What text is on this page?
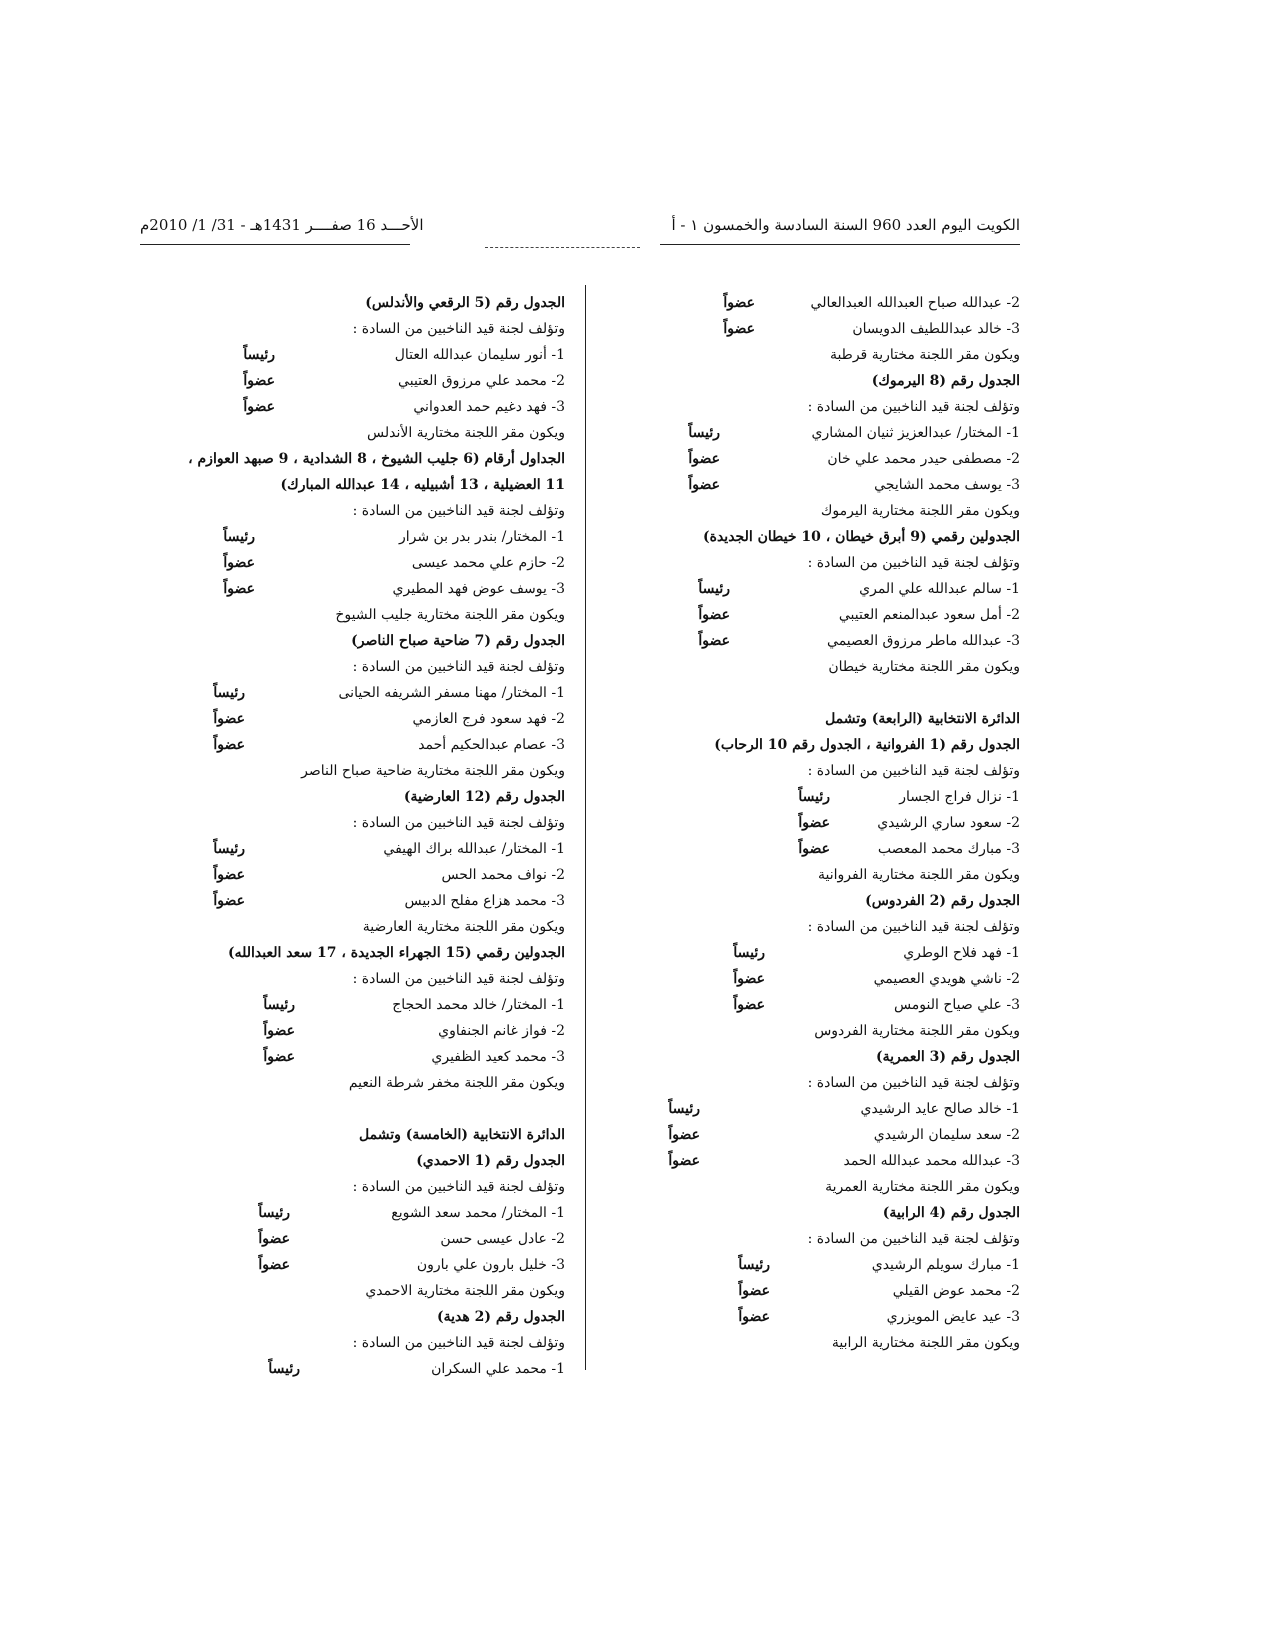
الكويت اليوم العدد 960 السنة السادسة والخمسون ١ - أ
الأحـــد 16 صفــــر 1431هـ - 31/ 1/ 2010م
2- عبدالله صباح العبدالله العبدالعالي
عضواً
3- خالد عبداللطيف الدويسان
عضواً
ويكون مقر اللجنة مختارية قرطبة
الجدول رقم (8 اليرموك)
وتؤلف لجنة قيد الناخبين من السادة :
1- المختار/ عبدالعزيز ثنيان المشاري
رئيساً
2- مصطفى حيدر محمد علي خان
عضواً
3- يوسف محمد الشايجي
عضواً
ويكون مقر اللجنة مختارية اليرموك
الجدولين رقمي (9 أبرق خيطان ، 10 خيطان الجديدة)
وتؤلف لجنة قيد الناخبين من السادة :
1- سالم عبدالله علي المري
رئيساً
2- أمل سعود عبدالمنعم العتيبي
عضواً
3- عبدالله ماطر مرزوق العصيمي
عضواً
ويكون مقر اللجنة مختارية خيطان
الدائرة الانتخابية (الرابعة) وتشمل
الجدول رقم (1 الفروانية ، الجدول رقم 10 الرحاب)
وتؤلف لجنة قيد الناخبين من السادة :
1- نزال فراج الجسار
رئيساً
2- سعود ساري الرشيدي
عضواً
3- مبارك محمد المعصب
عضواً
ويكون مقر اللجنة مختارية الفروانية
الجدول رقم (2 الفردوس)
وتؤلف لجنة قيد الناخبين من السادة :
1- فهد فلاح الوطري
رئيساً
2- ناشي هويدي العصيمي
عضواً
3- علي صياح النومس
عضواً
ويكون مقر اللجنة مختارية الفردوس
الجدول رقم (3 العمرية)
وتؤلف لجنة قيد الناخبين من السادة :
1- خالد صالح عايد الرشيدي
رئيساً
2- سعد سليمان الرشيدي
عضواً
3- عبدالله محمد عبدالله الحمد
عضواً
ويكون مقر اللجنة مختارية العمرية
الجدول رقم (4 الرابية)
وتؤلف لجنة قيد الناخبين من السادة :
1- مبارك سويلم الرشيدي
رئيساً
2- محمد عوض القيلي
عضواً
3- عيد عايض المويزري
عضواً
ويكون مقر اللجنة مختارية الرابية
الجدول رقم (5 الرقعي والأندلس)
وتؤلف لجنة قيد الناخبين من السادة :
1- أنور سليمان عبدالله العتال
رئيساً
2- محمد علي مرزوق العتيبي
عضواً
3- فهد دغيم حمد العدواني
عضواً
ويكون مقر اللجنة مختارية الأندلس
الجداول أرقام (6 جليب الشيوخ ، 8 الشدادية ، 9 صبهد العوازم ،
11 العضيلية ، 13 أشبيليه ، 14 عبدالله المبارك)
وتؤلف لجنة قيد الناخبين من السادة :
1- المختار/ بندر بدر بن شرار
رئيساً
2- حازم علي محمد عيسى
عضواً
3- يوسف عوض فهد المطيري
عضواً
ويكون مقر اللجنة مختارية جليب الشيوخ
الجدول رقم (7 ضاحية صباح الناصر)
وتؤلف لجنة قيد الناخبين من السادة :
1- المختار/ مهنا مسفر الشريفه الحيانى
رئيساً
2- فهد سعود فرج العازمي
عضواً
3- عصام عبدالحكيم أحمد
عضواً
ويكون مقر اللجنة مختارية ضاحية صباح الناصر
الجدول رقم (12 العارضية)
وتؤلف لجنة قيد الناخبين من السادة :
1- المختار/ عبدالله براك الهيفي
رئيساً
2- نواف محمد الحس
عضواً
3- محمد هزاع مفلح الدبيس
عضواً
ويكون مقر اللجنة مختارية العارضية
الجدولين رقمي (15 الجهراء الجديدة ، 17 سعد العبدالله)
وتؤلف لجنة قيد الناخبين من السادة :
1- المختار/ خالد محمد الحجاج
رئيساً
2- فواز غانم الجنفاوي
عضواً
3- محمد كعيد الظفيري
عضواً
ويكون مقر اللجنة مخفر شرطة النعيم
الدائرة الانتخابية (الخامسة) وتشمل
الجدول رقم (1 الاحمدي)
وتؤلف لجنة قيد الناخبين من السادة :
1- المختار/ محمد سعد الشويع
رئيساً
2- عادل عيسى حسن
عضواً
3- خليل بارون علي بارون
عضواً
ويكون مقر اللجنة مختارية الاحمدي
الجدول رقم (2 هدية)
وتؤلف لجنة قيد الناخبين من السادة :
1- محمد علي السكران
رئيساً
